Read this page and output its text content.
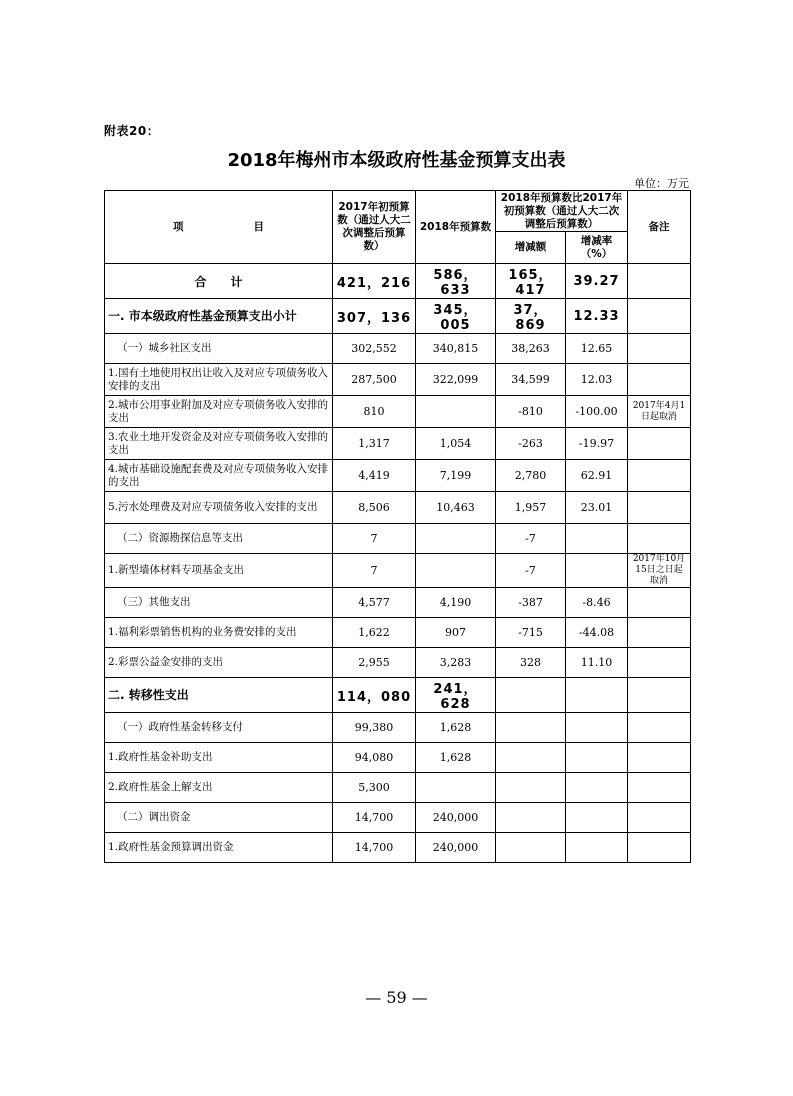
附表20：
2018年梅州市本级政府性基金预算支出表
单位：万元
项 目	2017年初预算数（通过人大二次调整后预算数）	2018年预算数	2018年预算数比2017年初预算数（通过人大二次调整后预算数）		备注
			增减额	增减率（%）	
合　　计	421，216	586，633	165，417	39.27	
一. 市本级政府性基金预算支出小计	307，136	345，005	37，869	12.33	
（一）城乡社区支出	302,552	340,815	38,263	12.65	
1.国有土地使用权出让收入及对应专项债务收入安排的支出	287,500	322,099	34,599	12.03	
2.城市公用事业附加及对应专项债务收入安排的支出	810		-810	-100.00	2017年4月1日起取消
3.农业土地开发资金及对应专项债务收入安排的支出	1,317	1,054	-263	-19.97	
4.城市基础设施配套费及对应专项债务收入安排的支出	4,419	7,199	2,780	62.91	
5.污水处理费及对应专项债务收入安排的支出	8,506	10,463	1,957	23.01	
（二）资源勘探信息等支出	7		-7		
1.新型墙体材料专项基金支出	7		-7		2017年10月15日之日起取消
（三）其他支出	4,577	4,190	-387	-8.46	
1.福利彩票销售机构的业务费安排的支出	1,622	907	-715	-44.08	
2.彩票公益金安排的支出	2,955	3,283	328	11.10	
二. 转移性支出	114，080	241，628			
（一）政府性基金转移支付	99,380	1,628			
1.政府性基金补助支出	94,080	1,628			
2.政府性基金上解支出	5,300				
（二）调出资金	14,700	240,000			
1.政府性基金预算调出资金	14,700	240,000			
— 59 —
